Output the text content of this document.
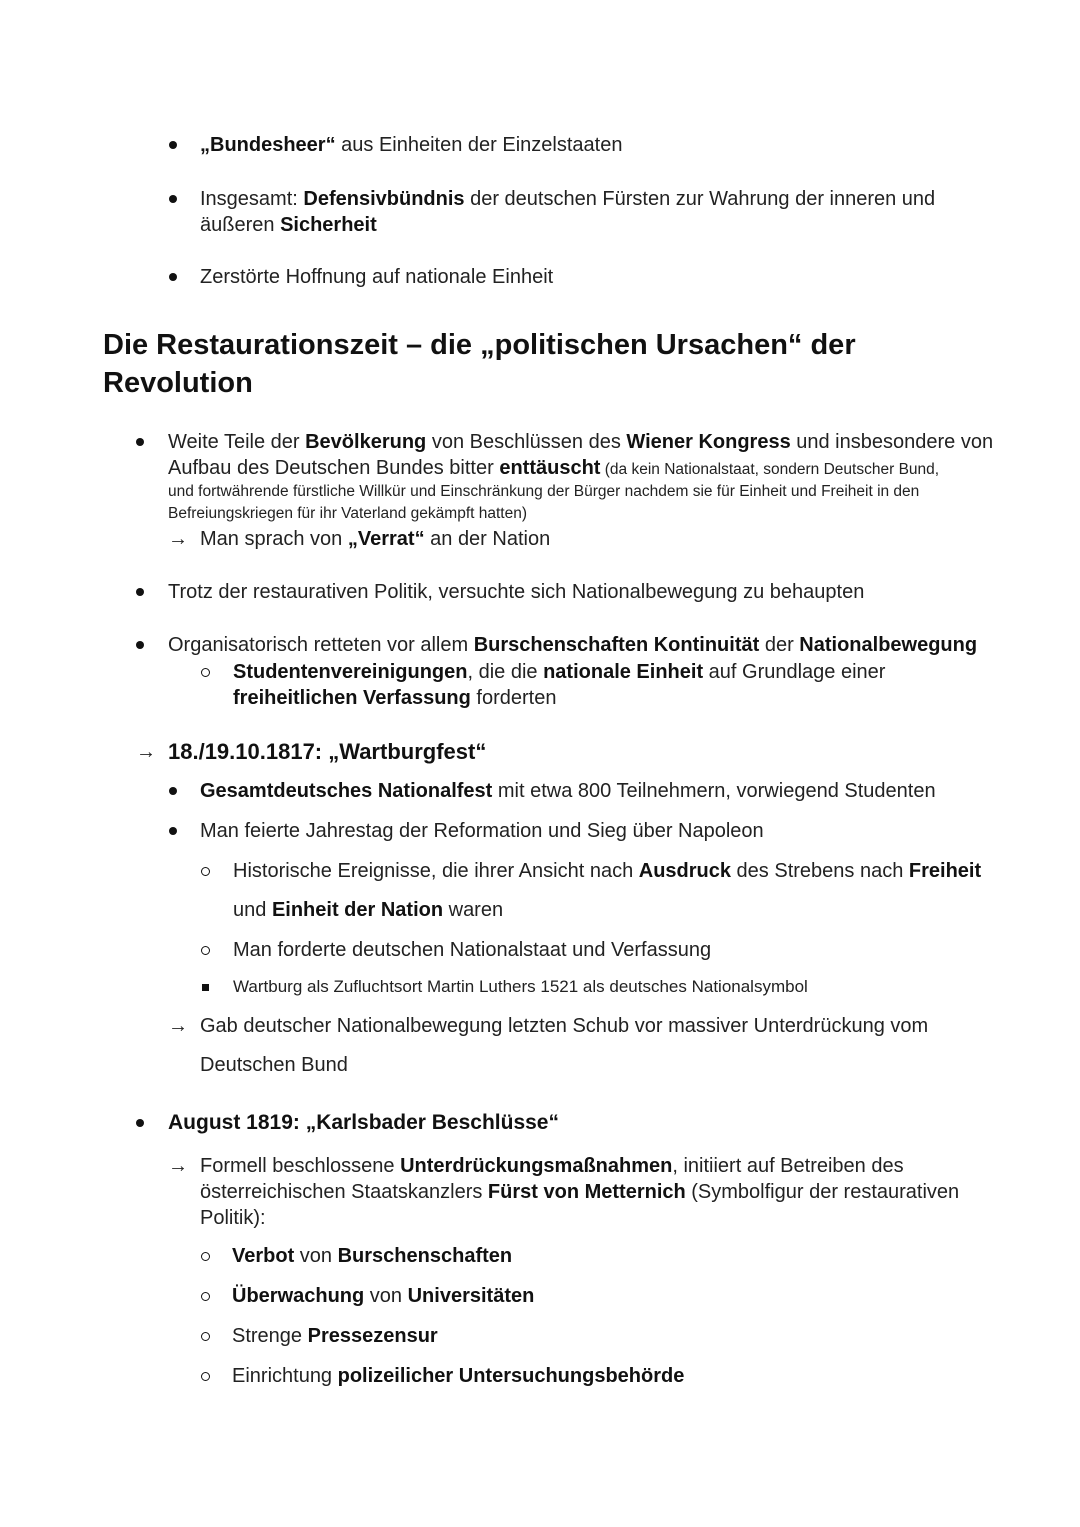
„Bundesheer“ aus Einheiten der Einzelstaaten
Insgesamt: Defensivbündnis der deutschen Fürsten zur Wahrung der inneren und
äußeren Sicherheit
Zerstörte Hoffnung auf nationale Einheit
Die Restaurationszeit – die „politischen Ursachen“ der
Revolution
Weite Teile der Bevölkerung von Beschlüssen des Wiener Kongress und insbesondere von
Aufbau des Deutschen Bundes bitter enttäuscht (da kein Nationalstaat, sondern Deutscher Bund,
und fortwährende fürstliche Willkür und Einschränkung der Bürger nachdem sie für Einheit und Freiheit in den
Befreiungskriegen für ihr Vaterland gekämpft hatten)
→ Man sprach von „Verrat“ an der Nation
Trotz der restaurativen Politik, versuchte sich Nationalbewegung zu behaupten
Organisatorisch retteten vor allem Burschenschaften Kontinuität der Nationalbewegung
Studentenvereinigungen, die die nationale Einheit auf Grundlage einer
freiheitlichen Verfassung forderten
→ 18./19.10.1817: „Wartburgfest“
Gesamtdeutsches Nationalfest mit etwa 800 Teilnehmern, vorwiegend Studenten
Man feierte Jahrestag der Reformation und Sieg über Napoleon
Historische Ereignisse, die ihrer Ansicht nach Ausdruck des Strebens nach Freiheit
und Einheit der Nation waren
Man forderte deutschen Nationalstaat und Verfassung
Wartburg als Zufluchtsort Martin Luthers 1521 als deutsches Nationalsymbol
→ Gab deutscher Nationalbewegung letzten Schub vor massiver Unterdrückung vom
Deutschen Bund
August 1819: „Karlsbader Beschlüsse“
→ Formell beschlossene Unterdrückungsmaßnahmen, initiiert auf Betreiben des
österreichischen Staatskanzlers Fürst von Metternich (Symbolfigur der restaurativen
Politik):
Verbot von Burschenschaften
Überwachung von Universitäten
Strenge Pressezensur
Einrichtung polizeilicher Untersuchungsbehörde
